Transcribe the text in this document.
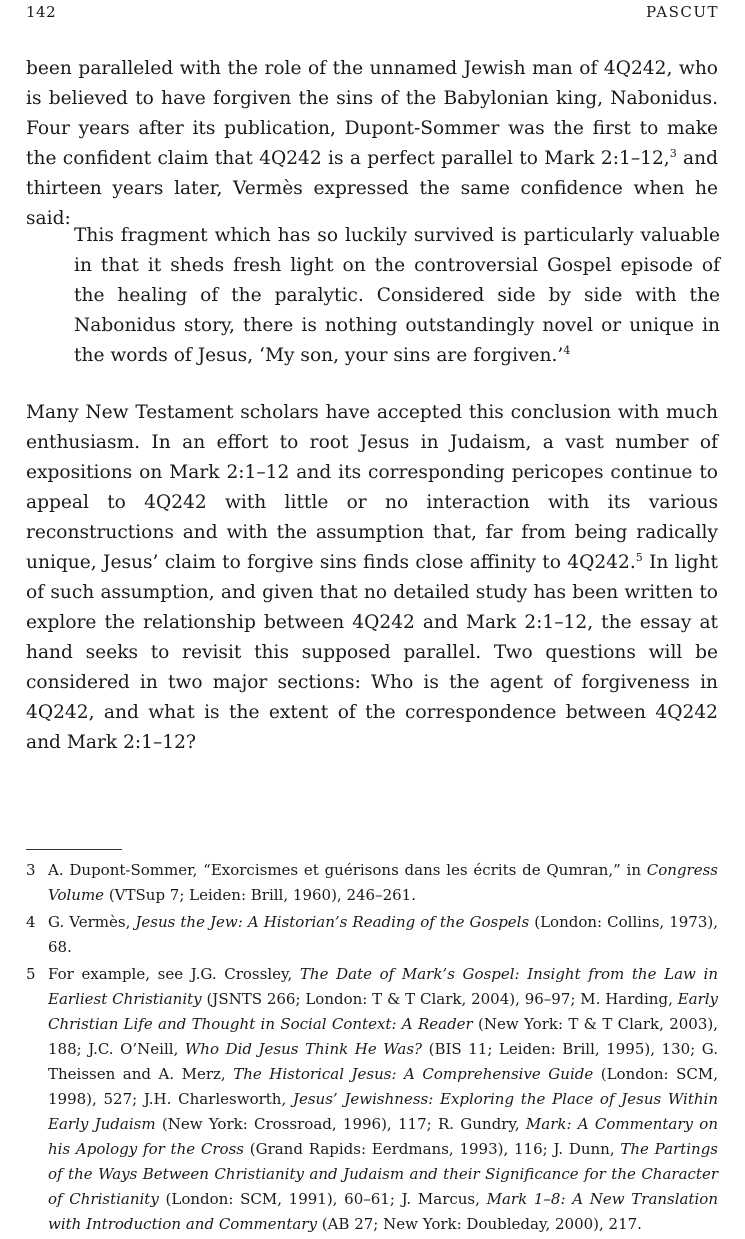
142	PASCUT
been paralleled with the role of the unnamed Jewish man of 4Q242, who is believed to have forgiven the sins of the Babylonian king, Nabonidus. Four years after its publication, Dupont-Sommer was the first to make the confident claim that 4Q242 is a perfect parallel to Mark 2:1–12,$^3$ and thirteen years later, Vermès expressed the same confidence when he said:
This fragment which has so luckily survived is particularly valuable in that it sheds fresh light on the controversial Gospel episode of the healing of the paralytic. Considered side by side with the Nabonidus story, there is nothing outstandingly novel or unique in the words of Jesus, ‘My son, your sins are forgiven.’$^4$
Many New Testament scholars have accepted this conclusion with much enthusiasm. In an effort to root Jesus in Judaism, a vast number of expositions on Mark 2:1–12 and its corresponding pericopes continue to appeal to 4Q242 with little or no interaction with its various reconstructions and with the assumption that, far from being radically unique, Jesus’ claim to forgive sins finds close affinity to 4Q242.$^5$ In light of such assumption, and given that no detailed study has been written to explore the relationship between 4Q242 and Mark 2:1–12, the essay at hand seeks to revisit this supposed parallel. Two questions will be considered in two major sections: Who is the agent of forgiveness in 4Q242, and what is the extent of the correspondence between 4Q242 and Mark 2:1–12?
3 A. Dupont-Sommer, “Exorcismes et guérisons dans les écrits de Qumran,” in Congress Volume (VTSup 7; Leiden: Brill, 1960), 246–261.
4 G. Vermès, Jesus the Jew: A Historian’s Reading of the Gospels (London: Collins, 1973), 68.
5 For example, see J.G. Crossley, The Date of Mark’s Gospel: Insight from the Law in Earliest Christianity (JSNTS 266; London: T & T Clark, 2004), 96–97; M. Harding, Early Christian Life and Thought in Social Context: A Reader (New York: T & T Clark, 2003), 188; J.C. O’Neill, Who Did Jesus Think He Was? (BIS 11; Leiden: Brill, 1995), 130; G. Theissen and A. Merz, The Historical Jesus: A Comprehensive Guide (London: SCM, 1998), 527; J.H. Charlesworth, Jesus’ Jewishness: Exploring the Place of Jesus Within Early Judaism (New York: Crossroad, 1996), 117; R. Gundry, Mark: A Commentary on his Apology for the Cross (Grand Rapids: Eerdmans, 1993), 116; J. Dunn, The Partings of the Ways Between Christianity and Judaism and their Significance for the Character of Christianity (London: SCM, 1991), 60–61; J. Marcus, Mark 1–8: A New Translation with Introduction and Commentary (AB 27; New York: Doubleday, 2000), 217.
